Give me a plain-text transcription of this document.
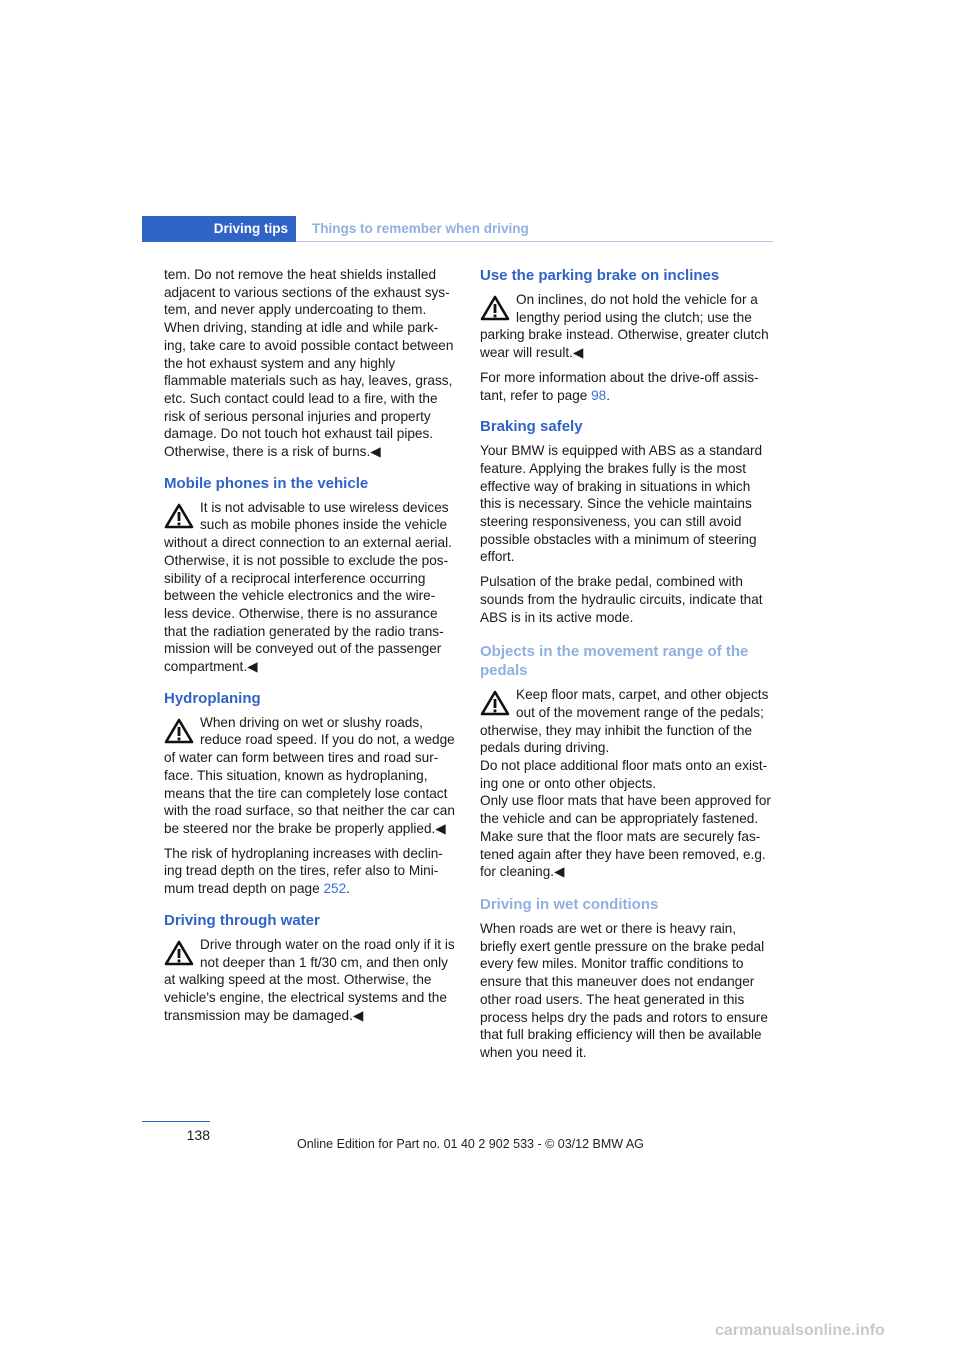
Driving tips	Things to remember when driving

tem. Do not remove the heat shields installed adjacent to various sections of the exhaust sys-tem, and never apply undercoating to them. When driving, standing at idle and while park-ing, take care to avoid possible contact between the hot exhaust system and any highly flammable materials such as hay, leaves, grass, etc. Such contact could lead to a fire, with the risk of serious personal injuries and property damage. Do not touch hot exhaust tail pipes. Otherwise, there is a risk of burns.◀

Mobile phones in the vehicle

It is not advisable to use wireless devices

such as mobile phones inside the vehicle

without a direct connection to an external aerial. Otherwise, it is not possible to exclude the pos-sibility of a reciprocal interference occurring between the vehicle electronics and the wire-less device. Otherwise, there is no assurance that the radiation generated by the radio trans-mission will be conveyed out of the passenger compartment.◀

Hydroplaning

When driving on wet or slushy roads,

reduce road speed. If you do not, a wedge

of water can form between tires and road sur-face. This situation, known as hydroplaning, means that the tire can completely lose contact with the road surface, so that neither the car can be steered nor the brake be properly applied.◀

The risk of hydroplaning increases with declin-ing tread depth on the tires, refer also to Mini-mum tread depth on page 252.

Driving through water

Drive through water on the road only if it is

not deeper than 1 ft/30 cm, and then only

at walking speed at the most. Otherwise, the vehicle's engine, the electrical systems and the transmission may be damaged.◀

Use the parking brake on inclines

On inclines, do not hold the vehicle for a

lengthy period using the clutch; use the

parking brake instead. Otherwise, greater clutch wear will result.◀

For more information about the drive-off assis-tant, refer to page 98.

Braking safely

Your BMW is equipped with ABS as a standard feature. Applying the brakes fully is the most effective way of braking in situations in which this is necessary. Since the vehicle maintains steering responsiveness, you can still avoid possible obstacles with a minimum of steering effort.

Pulsation of the brake pedal, combined with sounds from the hydraulic circuits, indicate that ABS is in its active mode.

Objects in the movement range of the pedals

Keep floor mats, carpet, and other objects

out of the movement range of the pedals;

otherwise, they may inhibit the function of the pedals during driving.

Do not place additional floor mats onto an exist-ing one or onto other objects.

Only use floor mats that have been approved for the vehicle and can be appropriately fastened. Make sure that the floor mats are securely fas-tened again after they have been removed, e.g. for cleaning.◀

Driving in wet conditions

When roads are wet or there is heavy rain, briefly exert gentle pressure on the brake pedal every few miles. Monitor traffic conditions to ensure that this maneuver does not endanger other road users. The heat generated in this process helps dry the pads and rotors to ensure that full braking efficiency will then be available when you need it.

138
Online Edition for Part no. 01 40 2 902 533 - © 03/12 BMW AG
carmanualsonline.info
